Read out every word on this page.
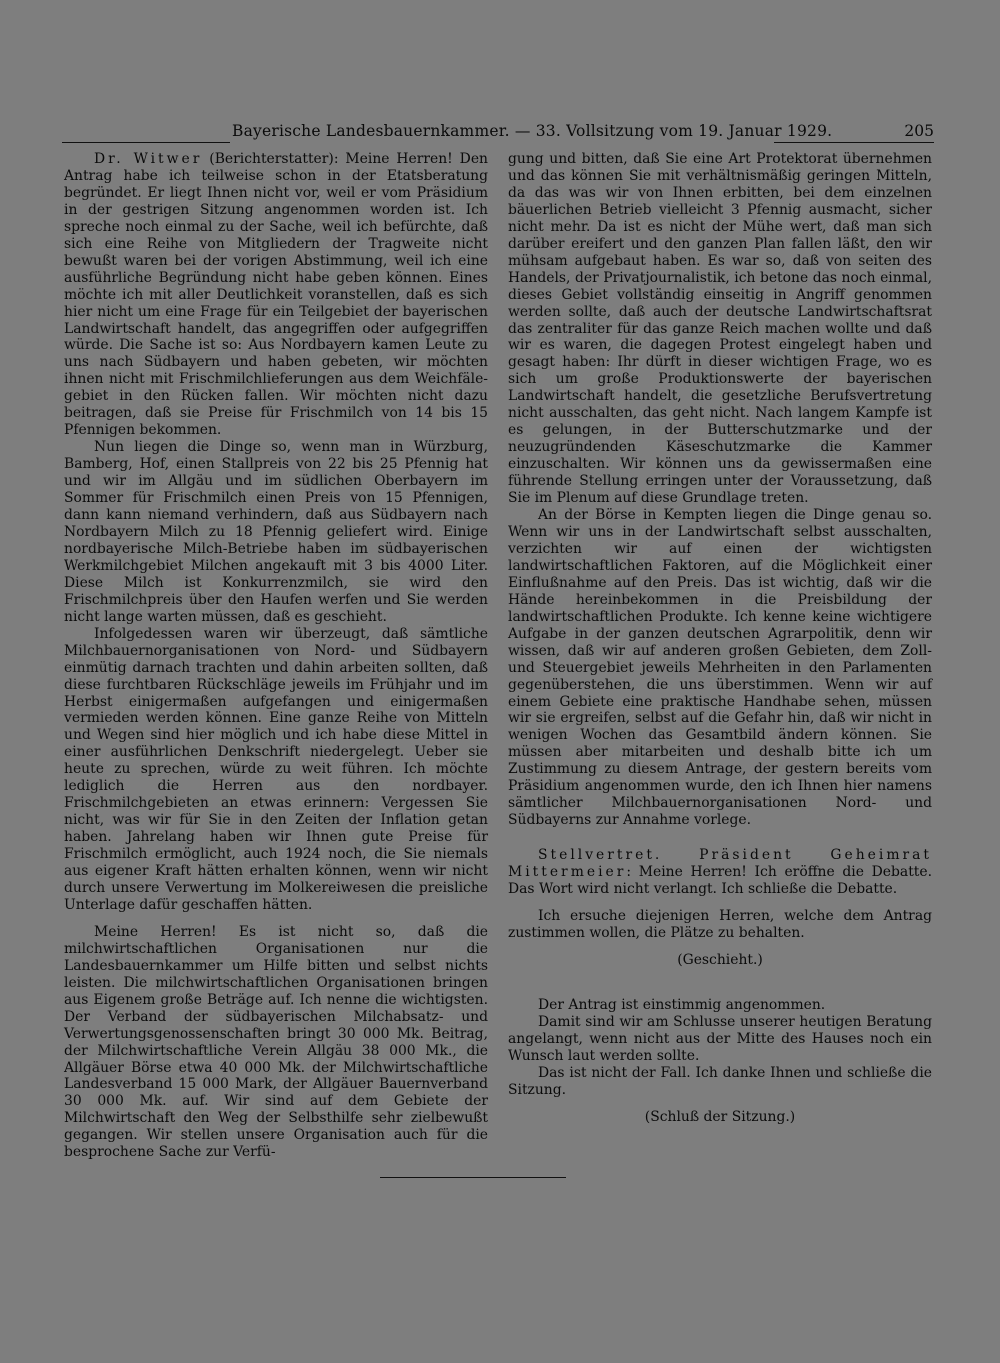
Bayerische Landesbauernkammer. — 33. Vollsitzung vom 19. Januar 1929.	205

Dr. Witwer (Berichterstatter): Meine Herren! Den Antrag habe ich teilweise schon in der Etatsberatung begründet. Er liegt Ihnen nicht vor, weil er vom Präsidium in der gestrigen Sitzung angenommen worden ist. Ich spreche noch einmal zu der Sache, weil ich befürchte, daß sich eine Reihe von Mitgliedern der Tragweite nicht bewußt waren bei der vorigen Abstimmung, weil ich eine ausführliche Begründung nicht habe geben können. Eines möchte ich mit aller Deutlichkeit voranstellen, daß es sich hier nicht um eine Frage für ein Teilgebiet der bayerischen Landwirtschaft handelt, das angegriffen oder aufgegriffen würde. Die Sache ist so: Aus Nordbayern kamen Leute zu uns nach Südbayern und haben gebeten, wir möchten ihnen nicht mit Frischmilchlieferungen aus dem Weichfäle-gebiet in den Rücken fallen. Wir möchten nicht dazu beitragen, daß sie Preise für Frischmilch von 14 bis 15 Pfennigen bekommen.

Nun liegen die Dinge so, wenn man in Würzburg, Bamberg, Hof, einen Stallpreis von 22 bis 25 Pfennig hat und wir im Allgäu und im südlichen Oberbayern im Sommer für Frischmilch einen Preis von 15 Pfennigen, dann kann niemand verhindern, daß aus Südbayern nach Nordbayern Milch zu 18 Pfennig geliefert wird. Einige nordbayerische Milch-Betriebe haben im südbayerischen Werkmilchgebiet Milchen angekauft mit 3 bis 4000 Liter. Diese Milch ist Konkurrenzmilch, sie wird den Frischmilchpreis über den Haufen werfen und Sie werden nicht lange warten müssen, daß es geschieht.

Infolgedessen waren wir überzeugt, daß sämtliche Milchbauernorganisationen von Nord- und Südbayern einmütig darnach trachten und dahin arbeiten sollten, daß diese furchtbaren Rückschläge jeweils im Frühjahr und im Herbst einigermaßen aufgefangen und einigermaßen vermieden werden können. Eine ganze Reihe von Mitteln und Wegen sind hier möglich und ich habe diese Mittel in einer ausführlichen Denkschrift niedergelegt. Ueber sie heute zu sprechen, würde zu weit führen. Ich möchte lediglich die Herren aus den nordbayer. Frischmilchgebieten an etwas erinnern: Vergessen Sie nicht, was wir für Sie in den Zeiten der Inflation getan haben. Jahrelang haben wir Ihnen gute Preise für Frischmilch ermöglicht, auch 1924 noch, die Sie niemals aus eigener Kraft hätten erhalten können, wenn wir nicht durch unsere Verwertung im Molkereiwesen die preisliche Unterlage dafür geschaffen hätten.

Meine Herren! Es ist nicht so, daß die milchwirtschaftlichen Organisationen nur die Landesbauernkammer um Hilfe bitten und selbst nichts leisten. Die milchwirtschaftlichen Organisationen bringen aus Eigenem große Beträge auf. Ich nenne die wichtigsten. Der Verband der südbayerischen Milchabsatz- und Verwertungsgenossenschaften bringt 30 000 Mk. Beitrag, der Milchwirtschaftliche Verein Allgäu 38 000 Mk., die Allgäuer Börse etwa 40 000 Mk. der Milchwirtschaftliche Landesverband 15 000 Mark, der Allgäuer Bauernverband 30 000 Mk. auf. Wir sind auf dem Gebiete der Milchwirtschaft den Weg der Selbsthilfe sehr zielbewußt gegangen. Wir stellen unsere Organisation auch für die besprochene Sache zur Verfü-

gung und bitten, daß Sie eine Art Protektorat übernehmen und das können Sie mit verhältnismäßig geringen Mitteln, da das was wir von Ihnen erbitten, bei dem einzelnen bäuerlichen Betrieb vielleicht 3 Pfennig ausmacht, sicher nicht mehr. Da ist es nicht der Mühe wert, daß man sich darüber ereifert und den ganzen Plan fallen läßt, den wir mühsam aufgebaut haben. Es war so, daß von seiten des Handels, der Privatjournalistik, ich betone das noch einmal, dieses Gebiet vollständig einseitig in Angriff genommen werden sollte, daß auch der deutsche Landwirtschaftsrat das zentraliter für das ganze Reich machen wollte und daß wir es waren, die dagegen Protest eingelegt haben und gesagt haben: Ihr dürft in dieser wichtigen Frage, wo es sich um große Produktionswerte der bayerischen Landwirtschaft handelt, die gesetzliche Berufsvertretung nicht ausschalten, das geht nicht. Nach langem Kampfe ist es gelungen, in der Butterschutzmarke und der neuzugründenden Käseschutzmarke die Kammer einzuschalten. Wir können uns da gewissermaßen eine führende Stellung erringen unter der Voraussetzung, daß Sie im Plenum auf diese Grundlage treten.

An der Börse in Kempten liegen die Dinge genau so. Wenn wir uns in der Landwirtschaft selbst ausschalten, verzichten wir auf einen der wichtigsten landwirtschaftlichen Faktoren, auf die Möglichkeit einer Einflußnahme auf den Preis. Das ist wichtig, daß wir die Hände hereinbekommen in die Preisbildung der landwirtschaftlichen Produkte. Ich kenne keine wichtigere Aufgabe in der ganzen deutschen Agrarpolitik, denn wir wissen, daß wir auf anderen großen Gebieten, dem Zoll- und Steuergebiet jeweils Mehrheiten in den Parlamenten gegenüberstehen, die uns überstimmen. Wenn wir auf einem Gebiete eine praktische Handhabe sehen, müssen wir sie ergreifen, selbst auf die Gefahr hin, daß wir nicht in wenigen Wochen das Gesamtbild ändern können. Sie müssen aber mitarbeiten und deshalb bitte ich um Zustimmung zu diesem Antrage, der gestern bereits vom Präsidium angenommen wurde, den ich Ihnen hier namens sämtlicher Milchbauernorganisationen Nord- und Südbayerns zur Annahme vorlege.

Stellvertret. Präsident Geheimrat Mittermeier: Meine Herren! Ich eröffne die Debatte. Das Wort wird nicht verlangt. Ich schließe die Debatte.

Ich ersuche diejenigen Herren, welche dem Antrag zustimmen wollen, die Plätze zu behalten.

(Geschieht.)

Der Antrag ist einstimmig angenommen.

Damit sind wir am Schlusse unserer heutigen Beratung angelangt, wenn nicht aus der Mitte des Hauses noch ein Wunsch laut werden sollte.

Das ist nicht der Fall. Ich danke Ihnen und schließe die Sitzung.

(Schluß der Sitzung.)
